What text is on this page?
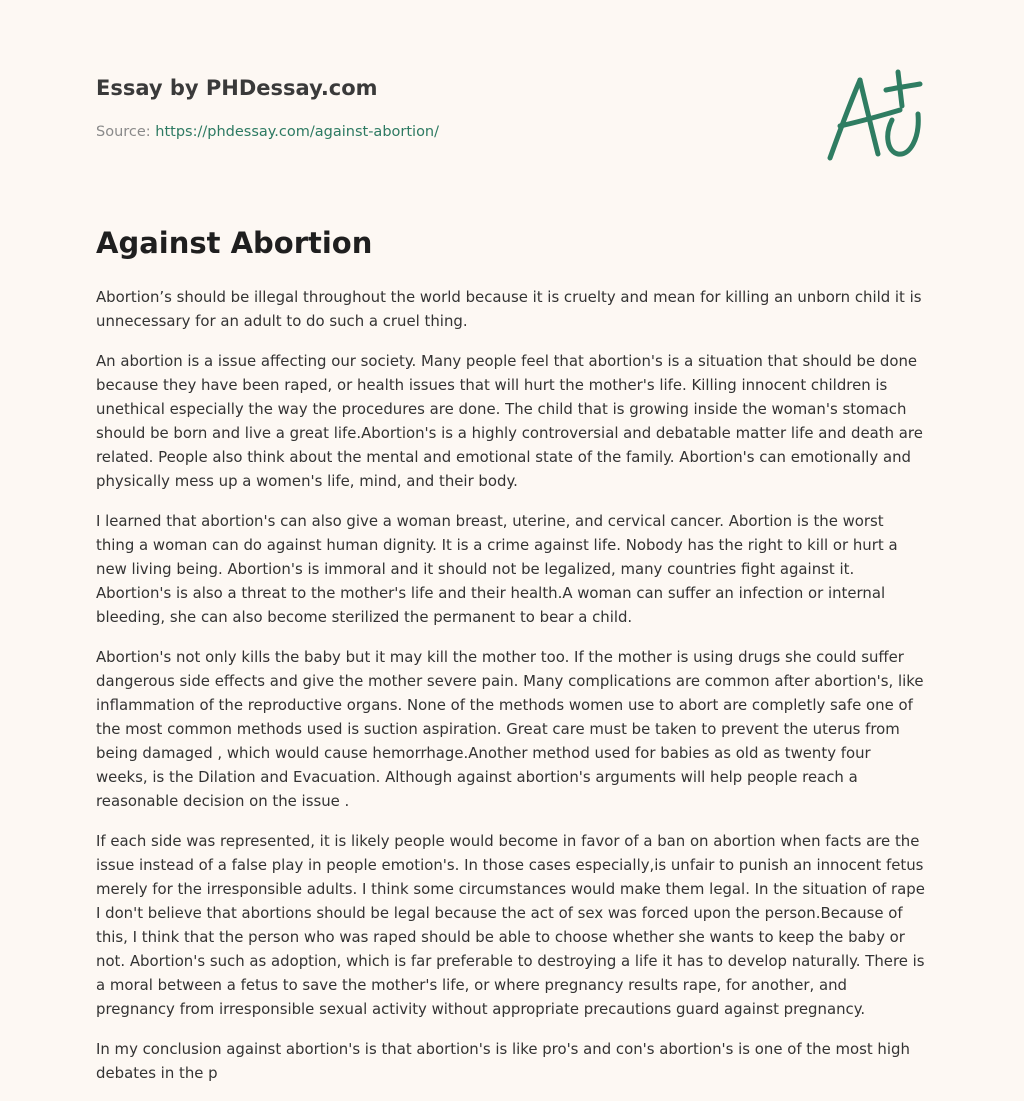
Essay by PHDessay.com
Source: https://phdessay.com/against-abortion/
Against Abortion

Abortion’s should be illegal throughout the world because it is cruelty and mean for killing an unborn child it is unnecessary for an adult to do such a cruel thing.

An abortion is a issue affecting our society. Many people feel that abortion's is a situation that should be done because they have been raped, or health issues that will hurt the mother's life. Killing innocent children is unethical especially the way the procedures are done. The child that is growing inside the woman's stomach should be born and live a great life.Abortion's is a highly controversial and debatable matter life and death are related. People also think about the mental and emotional state of the family. Abortion's can emotionally and physically mess up a women's life, mind, and their body.

I learned that abortion's can also give a woman breast, uterine, and cervical cancer. Abortion is the worst thing a woman can do against human dignity. It is a crime against life. Nobody has the right to kill or hurt a new living being. Abortion's is immoral and it should not be legalized, many countries fight against it. Abortion's is also a threat to the mother's life and their health.A woman can suffer an infection or internal bleeding, she can also become sterilized the permanent to bear a child.

Abortion's not only kills the baby but it may kill the mother too. If the mother is using drugs she could suffer dangerous side effects and give the mother severe pain. Many complications are common after abortion's, like inflammation of the reproductive organs. None of the methods women use to abort are completly safe one of the most common methods used is suction aspiration. Great care must be taken to prevent the uterus from being damaged , which would cause hemorrhage.Another method used for babies as old as twenty four weeks, is the Dilation and Evacuation. Although against abortion's arguments will help people reach a reasonable decision on the issue .

If each side was represented, it is likely people would become in favor of a ban on abortion when facts are the issue instead of a false play in people emotion's. In those cases especially,is unfair to punish an innocent fetus merely for the irresponsible adults. I think some circumstances would make them legal. In the situation of rape I don't believe that abortions should be legal because the act of sex was forced upon the person.Because of this, I think that the person who was raped should be able to choose whether she wants to keep the baby or not. Abortion's such as adoption, which is far preferable to destroying a life it has to develop naturally. There is a moral between a fetus to save the mother's life, or where pregnancy results rape, for another, and pregnancy from irresponsible sexual activity without appropriate precautions guard against pregnancy.

In my conclusion against abortion's is that abortion's is like pro's and con's abortion's is one of the most high debates in the p
